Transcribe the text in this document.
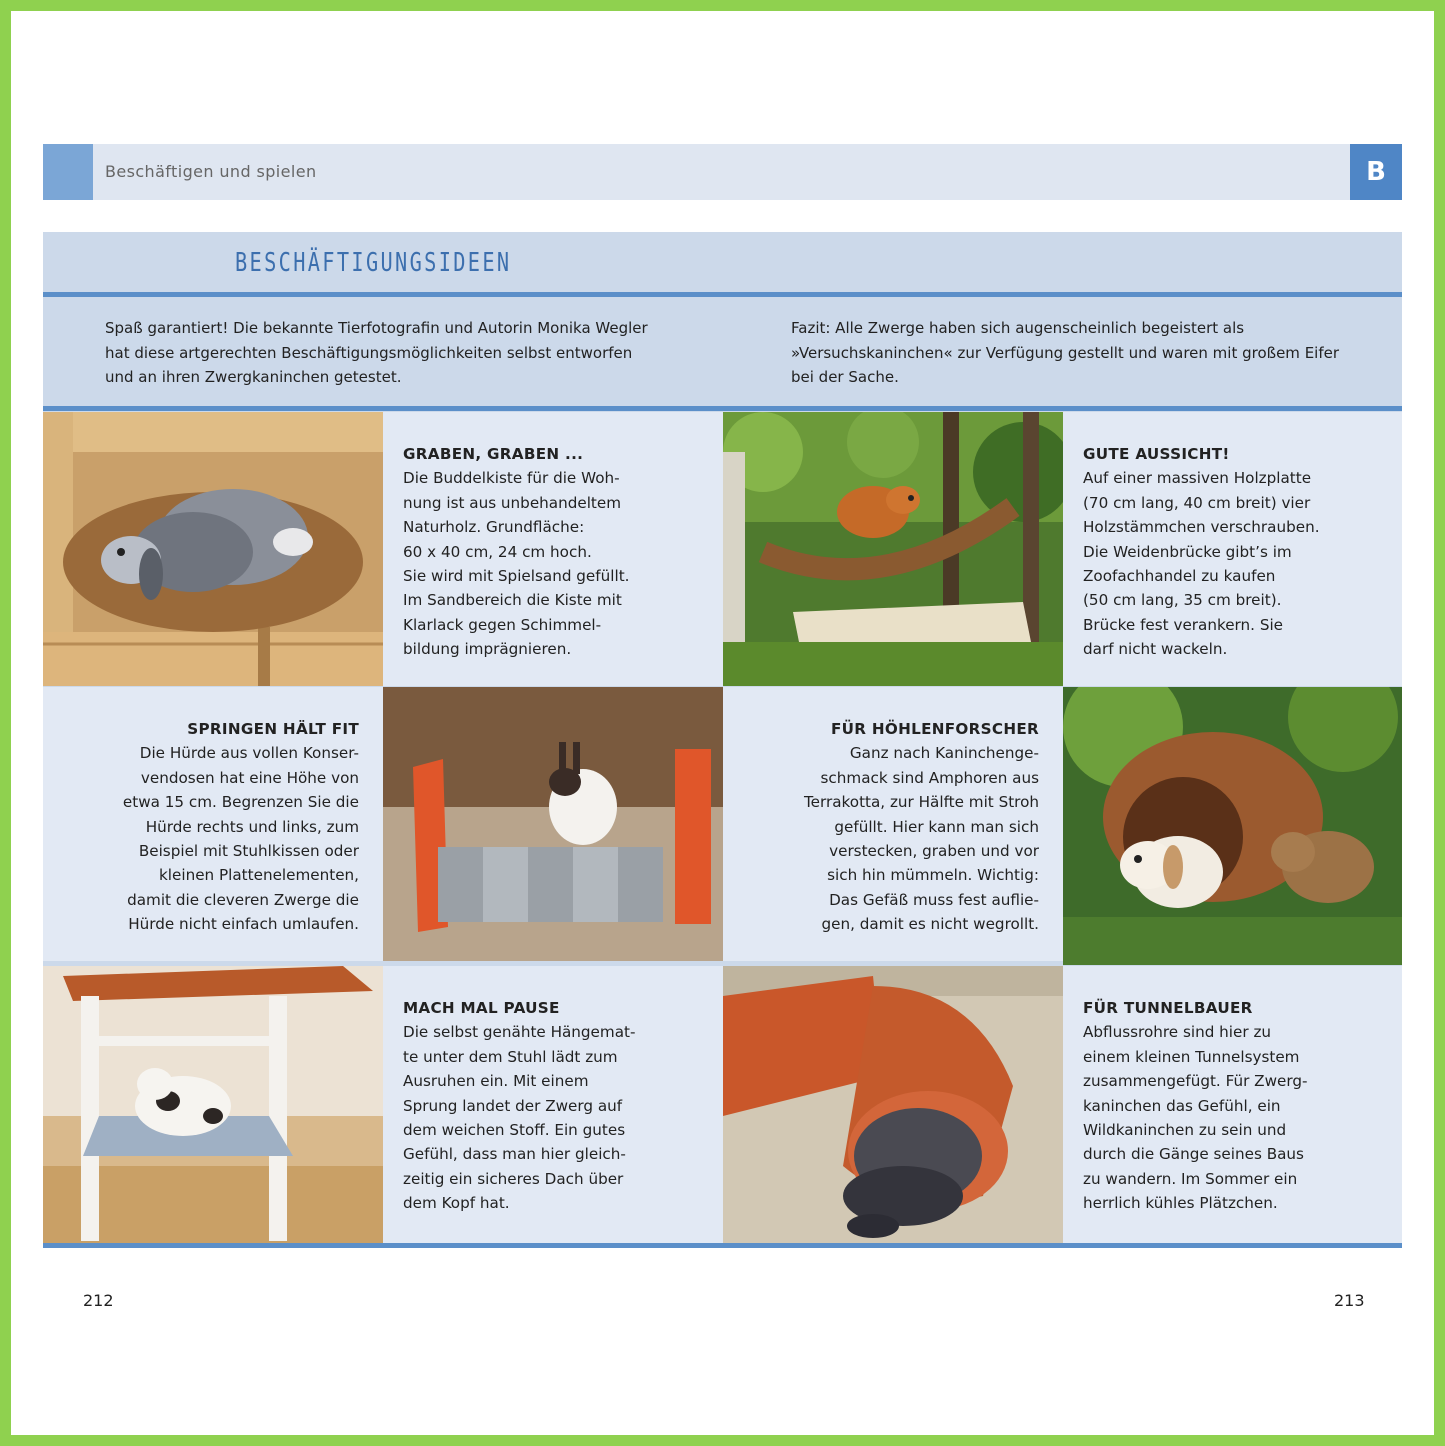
Beschäftigen und spielen	B
BESCHÄFTIGUNGSIDEEN

Spaß garantiert! Die bekannte Tierfotografin und Autorin Monika Wegler hat diese artgerechten Beschäftigungsmöglichkeiten selbst entworfen und an ihren Zwergkaninchen getestet.

Fazit: Alle Zwerge haben sich augenscheinlich begeistert als »Versuchskaninchen« zur Verfügung gestellt und waren mit großem Eifer bei der Sache.

GRABEN, GRABEN ...

Die Buddelkiste für die Woh-
nung ist aus unbehandeltem
Naturholz. Grundfläche:
60 x 40 cm, 24 cm hoch.
Sie wird mit Spielsand gefüllt.
Im Sandbereich die Kiste mit
Klarlack gegen Schimmel-
bildung imprägnieren.

GUTE AUSSICHT!

Auf einer massiven Holzplatte
(70 cm lang, 40 cm breit) vier
Holzstämmchen verschrauben.
Die Weidenbrücke gibt’s im
Zoofachhandel zu kaufen
(50 cm lang, 35 cm breit).
Brücke fest verankern. Sie
darf nicht wackeln.

SPRINGEN HÄLT FIT

Die Hürde aus vollen Konser-
vendosen hat eine Höhe von
etwa 15 cm. Begrenzen Sie die
Hürde rechts und links, zum
Beispiel mit Stuhlkissen oder
kleinen Plattenelementen,
damit die cleveren Zwerge die
Hürde nicht einfach umlaufen.

FÜR HÖHLENFORSCHER

Ganz nach Kaninchenge-
schmack sind Amphoren aus
Terrakotta, zur Hälfte mit Stroh
gefüllt. Hier kann man sich
verstecken, graben und vor
sich hin mümmeln. Wichtig:
Das Gefäß muss fest auflie-
gen, damit es nicht wegrollt.

MACH MAL PAUSE

Die selbst genähte Hängemat-
te unter dem Stuhl lädt zum
Ausruhen ein. Mit einem
Sprung landet der Zwerg auf
dem weichen Stoff. Ein gutes
Gefühl, dass man hier gleich-
zeitig ein sicheres Dach über
dem Kopf hat.

FÜR TUNNELBAUER

Abflussrohre sind hier zu
einem kleinen Tunnelsystem
zusammengefügt. Für Zwerg-
kaninchen das Gefühl, ein
Wildkaninchen zu sein und
durch die Gänge seines Baus
zu wandern. Im Sommer ein
herrlich kühles Plätzchen.

212	213
